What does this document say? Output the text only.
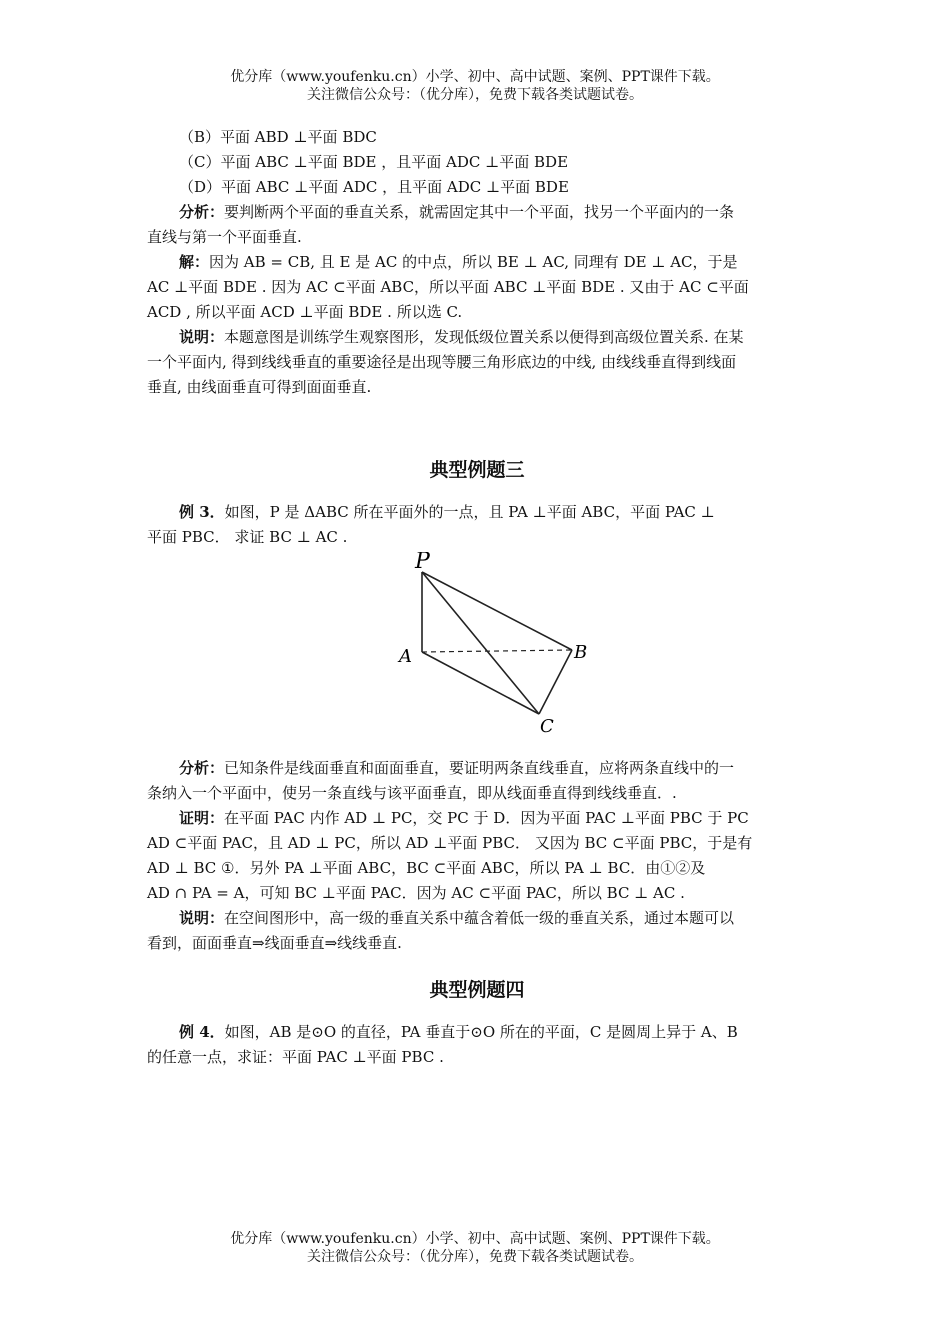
优分库（www.youfenku.cn）小学、初中、高中试题、案例、PPT课件下载。
关注微信公众号：（优分库），免费下载各类试题试卷。
（B）平面 ABD ⊥平面 BDC
（C）平面 ABC ⊥平面 BDE ，且平面 ADC ⊥平面 BDE
（D）平面 ABC ⊥平面 ADC ，且平面 ADC ⊥平面 BDE
分析：要判断两个平面的垂直关系，就需固定其中一个平面，找另一个平面内的一条
直线与第一个平面垂直.
解：因为 AB = CB, 且 E 是 AC 的中点，所以 BE ⊥ AC, 同理有 DE ⊥ AC，于是
AC ⊥平面 BDE . 因为 AC ⊂平面 ABC，所以平面 ABC ⊥平面 BDE . 又由于 AC ⊂平面
ACD , 所以平面 ACD ⊥平面 BDE . 所以选 C.
说明：本题意图是训练学生观察图形，发现低级位置关系以便得到高级位置关系. 在某
一个平面内, 得到线线垂直的重要途径是出现等腰三角形底边的中线, 由线线垂直得到线面
垂直, 由线面垂直可得到面面垂直.
典型例题三
例 3．如图，P 是 ΔABC 所在平面外的一点，且 PA ⊥平面 ABC，平面 PAC ⊥
平面 PBC． 求证 BC ⊥ AC .
P
A	B
C
分析：已知条件是线面垂直和面面垂直，要证明两条直线垂直，应将两条直线中的一
条纳入一个平面中，使另一条直线与该平面垂直，即从线面垂直得到线线垂直．.
证明：在平面 PAC 内作 AD ⊥ PC，交 PC 于 D．因为平面 PAC ⊥平面 PBC 于 PC
AD ⊂平面 PAC，且 AD ⊥ PC，所以 AD ⊥平面 PBC． 又因为 BC ⊂平面 PBC，于是有
AD ⊥ BC ①．另外 PA ⊥平面 ABC，BC ⊂平面 ABC，所以 PA ⊥ BC．由①②及
AD ∩ PA = A，可知 BC ⊥平面 PAC．因为 AC ⊂平面 PAC，所以 BC ⊥ AC .
说明：在空间图形中，高一级的垂直关系中蕴含着低一级的垂直关系，通过本题可以
看到，面面垂直⇒线面垂直⇒线线垂直.
典型例题四
例 4．如图，AB 是⊙O 的直径，PA 垂直于⊙O 所在的平面，C 是圆周上异于 A、B
的任意一点，求证：平面 PAC ⊥平面 PBC .
优分库（www.youfenku.cn）小学、初中、高中试题、案例、PPT课件下载。
关注微信公众号：（优分库），免费下载各类试题试卷。
